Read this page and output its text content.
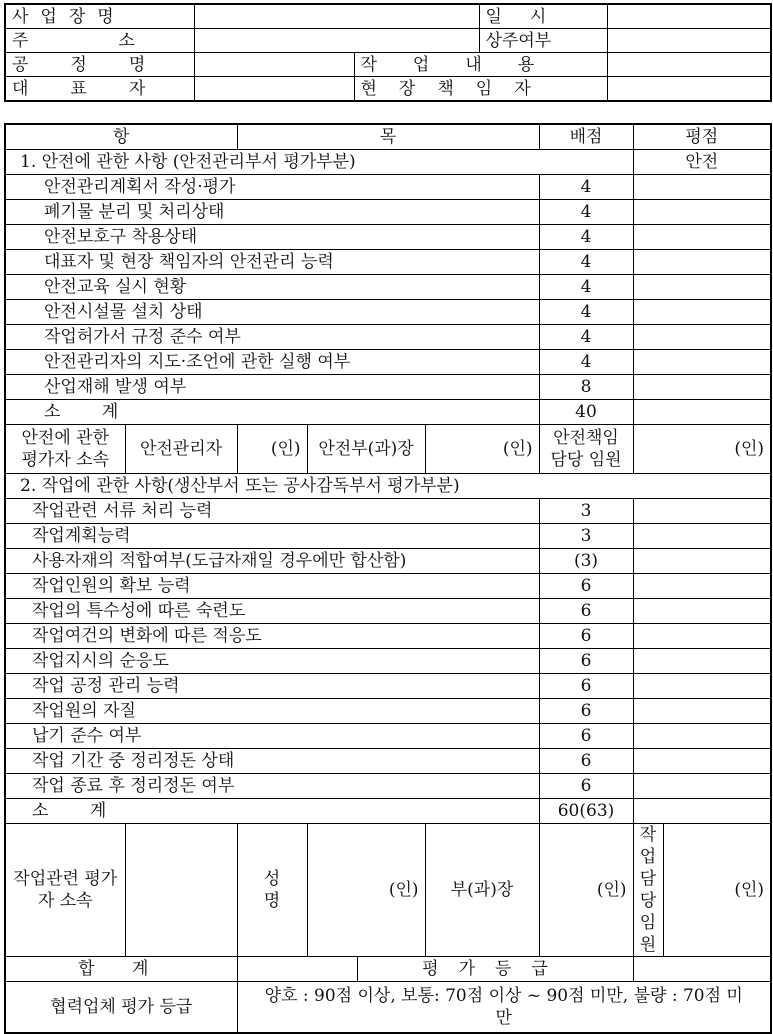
사업장명			일시	
주소			상주여부	
공정명		작업내용		
대표자		현장책임자		
항		목				배점	평점	
1. 안전에 관한 사항 (안전관리부서 평가부분)							안전	
안전관리계획서 작성·평가						4		
폐기물 분리 및 처리상태						4		
안전보호구 착용상태						4		
대표자 및 현장 책임자의 안전관리 능력						4		
안전교육 실시 현황						4		
안전시설물 설치 상태						4		
작업허가서 규정 준수 여부						4		
안전관리자의 지도·조언에 관한 실행 여부						4		
산업재해 발생 여부						8		
소 계						40		
안전에 관한 평가자 소속	안전관리자	(인)	안전부(과)장		(인)	안전책임담당 임원	(인)	
2. 작업에 관한 사항(생산부서 또는 공사감독부서 평가부분)								
작업관련 서류 처리 능력						3		
작업계획능력						3		
사용자재의 적합여부(도급자재일 경우에만 합산함)						(3)		
작업인원의 확보 능력						6		
작업의 특수성에 따른 숙련도						6		
작업여건의 변화에 따른 적응도						6		
작업지시의 순응도						6		
작업 공정 관리 능력						6		
작업원의 자질						6		
납기 준수 여부						6		
작업 기간 중 정리정돈 상태						6		
작업 종료 후 정리정돈 여부						6		
소 계						60(63)		
작업관련 평가자 소속		성명	(인)		부(과)장	(인)	작업담당임원	(인)
합 계				평가등급				
협력업체 평가 등급		양호 : 90점 이상, 보통: 70점 이상 ~ 90점 미만, 불량 : 70점 미만						
